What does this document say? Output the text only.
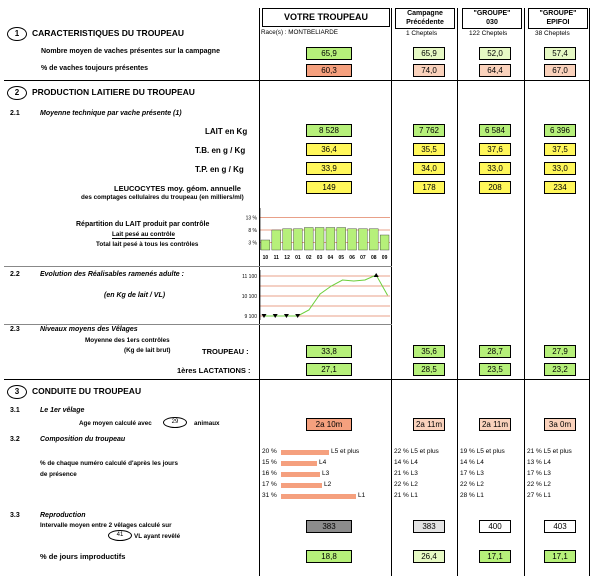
VOTRE TROUPEAU
Race(s) : MONTBELIARDE
Campagne
Précédente
1 Cheptels
"GROUPE"
030
122 Cheptels
"GROUPE"
EPIFOI
38 Cheptels
1	CARACTERISTIQUES DU TROUPEAU
Nombre moyen de vaches présentes sur la campagne	65,9	65,9	52,0	57,4
% de vaches toujours présentes	60,3	74,0	64,4	67,0
2	PRODUCTION LAITIERE DU TROUPEAU
2.1	Moyenne technique par vache présente (1)
LAIT en Kg	8 528	7 762	6 584	6 396
T.B. en g / Kg	36,4	35,5	37,6	37,5
T.P. en g / Kg	33,9	34,0	33,0	33,0
LEUCOCYTES moy. géom. annuelle
des comptages cellulaires du troupeau (en milliers/ml)
149	178	208	234
Répartition du LAIT produit par contrôle
Lait pesé au contrôle
Total lait pesé à tous les contrôles
13 %
8 %
3 %
10 11 12 01 02 03 04 05 06 07 08 09
2.2	Evolution des Réalisables ramenés adulte :
(en Kg de lait / VL)
11 100
10 100
9 100
2.3	Niveaux moyens des Vêlages
Moyenne des 1ers contrôles
(Kg de lait brut)	TROUPEAU :	33,8	35,6	28,7	27,9
1ères LACTATIONS :	27,1	28,5	23,5	23,2
3	CONDUITE DU TROUPEAU
3.1	Le 1er vêlage
Age moyen calculé avec	29	animaux	2a 10m	2a 11m	2a 11m	3a 0m
3.2	Composition du troupeau
% de chaque numéro calculé d'après les jours
de présence
20 %	L5 et plus	22 % L5 et plus	19 % L5 et plus	21 % L5 et plus
15 %	L4	14 % L4	14 % L4	13 % L4
16 %	L3	21 % L3	17 % L3	17 % L3
17 %	L2	22 % L2	22 % L2	22 % L2
31 %	L1	21 % L1	28 % L1	27 % L1
3.3	Reproduction
Intervalle moyen entre 2 vêlages calculé sur
41	VL ayant revêlé
383	383	400	403
% de jours improductifs	18,8	26,4	17,1	17,1
